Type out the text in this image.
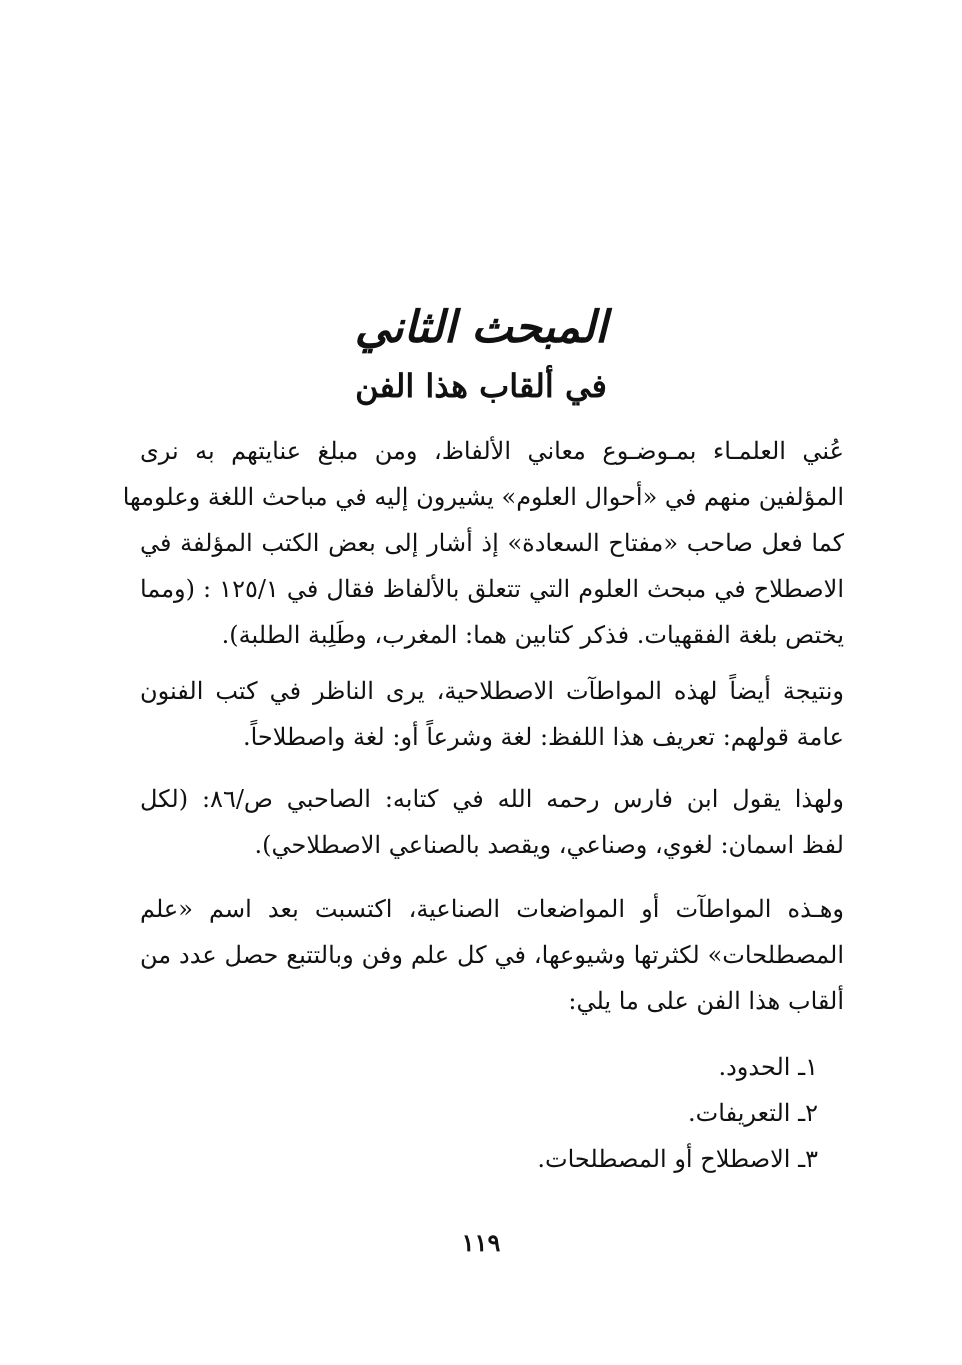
المبحث الثاني
في ألقاب هذا الفن
عُني العلمـاء بمـوضـوع معاني الألفاظ، ومن مبلغ عنايتهم به نرى
المؤلفين منهم في «أحوال العلوم» يشيرون إليه في مباحث اللغة وعلومها
كما فعل صاحب «مفتاح السعادة» إذ أشار إلى بعض الكتب المؤلفة في
الاصطلاح في مبحث العلوم التي تتعلق بالألفاظ فقال في ١٢٥/١ : (ومما
يختص بلغة الفقهيات. فذكر كتابين هما: المغرب، وطَلِبة الطلبة).
ونتيجة أيضاً لهذه المواطآت الاصطلاحية، يرى الناظر في كتب الفنون
عامة قولهم: تعريف هذا اللفظ: لغة وشرعاً أو: لغة واصطلاحاً.
ولهذا يقول ابن فارس رحمه الله في كتابه: الصاحبي ص/٨٦: (لكل
لفظ اسمان: لغوي، وصناعي، ويقصد بالصناعي الاصطلاحي).
وهـذه المواطآت أو المواضعات الصناعية، اكتسبت بعد اسم «علم
المصطلحات» لكثرتها وشيوعها، في كل علم وفن وبالتتبع حصل عدد من
ألقاب هذا الفن على ما يلي:
١ـ الحدود.
٢ـ التعريفات.
٣ـ الاصطلاح أو المصطلحات.
١١٩
